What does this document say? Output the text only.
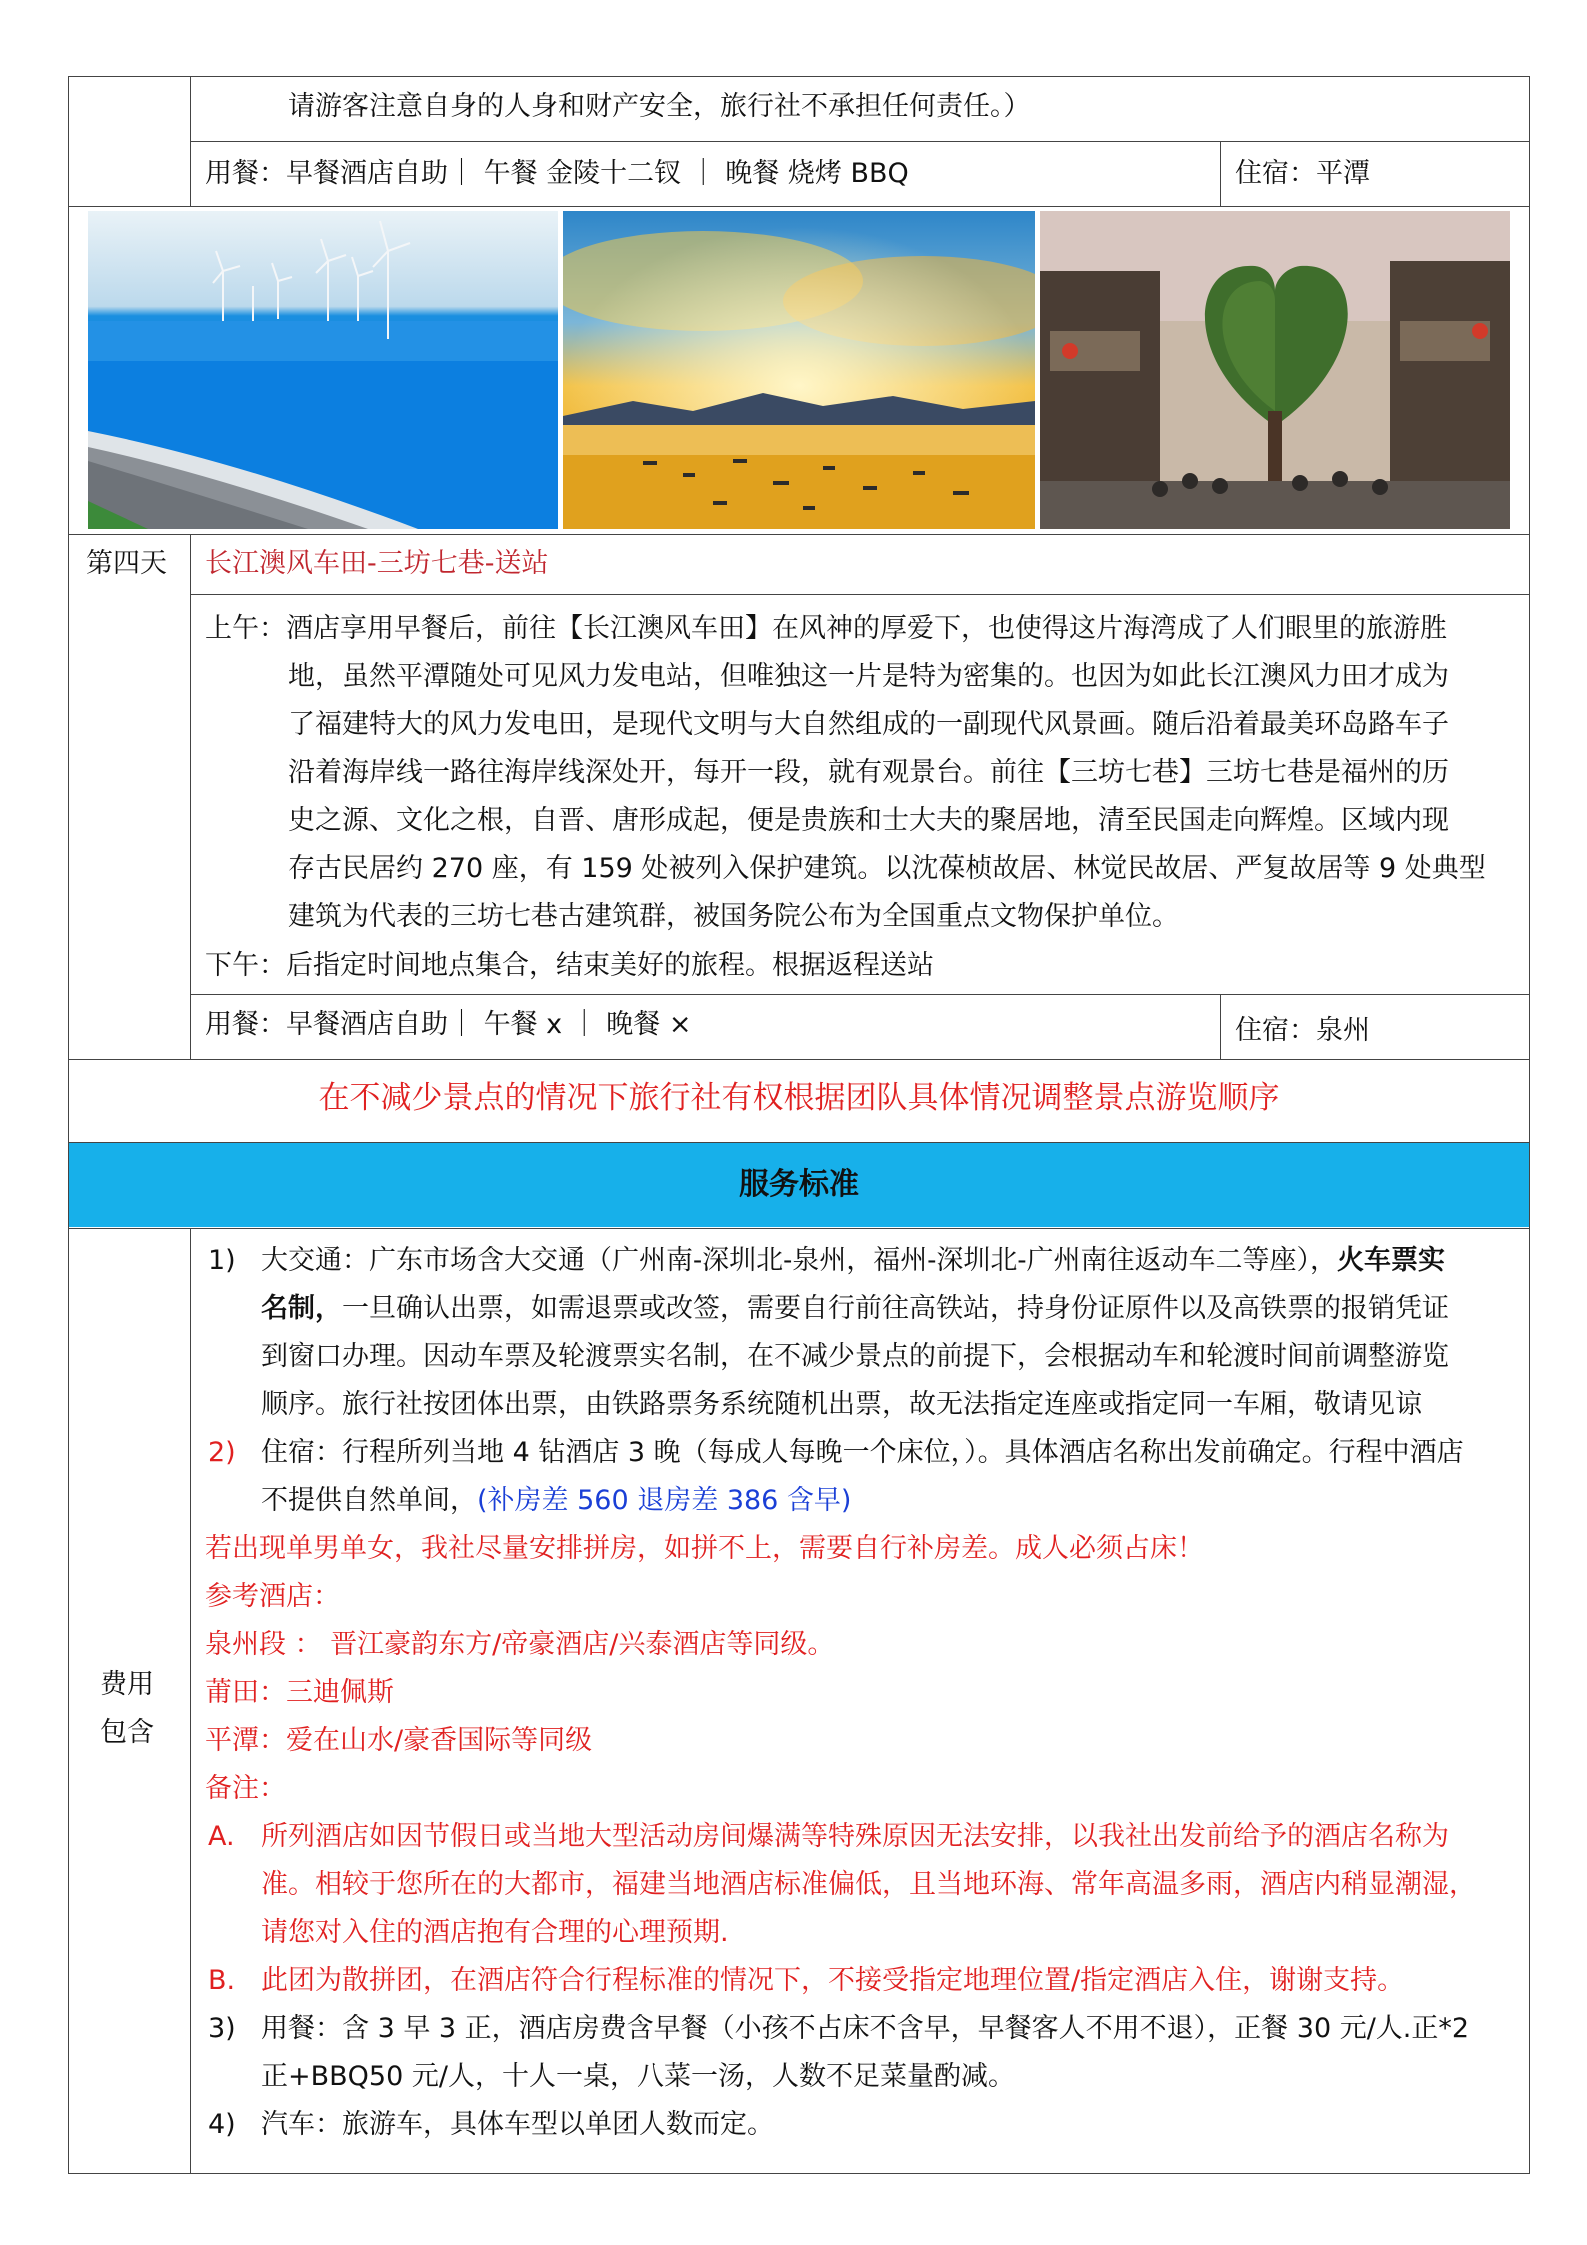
请游客注意自身的人身和财产安全，旅行社不承担任何责任。）
用餐：早餐酒店自助｜ 午餐 金陵十二钗 ｜ 晚餐 烧烤 BBQ	住宿：平潭
第四天 长江澳风车田-三坊七巷-送站
上午：酒店享用早餐后，前往【长江澳风车田】在风神的厚爱下，也使得这片海湾成了人们眼里的旅游胜
地，虽然平潭随处可见风力发电站，但唯独这一片是特为密集的。也因为如此长江澳风力田才成为
了福建特大的风力发电田，是现代文明与大自然组成的一副现代风景画。随后沿着最美环岛路车子
沿着海岸线一路往海岸线深处开，每开一段，就有观景台。前往【三坊七巷】三坊七巷是福州的历
史之源、文化之根，自晋、唐形成起，便是贵族和士大夫的聚居地，清至民国走向辉煌。区域内现
存古民居约 270 座，有 159 处被列入保护建筑。以沈葆桢故居、林觉民故居、严复故居等 9 处典型
建筑为代表的三坊七巷古建筑群，被国务院公布为全国重点文物保护单位。
下午：后指定时间地点集合，结束美好的旅程。根据返程送站
用餐：早餐酒店自助｜ 午餐 x ｜ 晚餐 ×	住宿：泉州
在不减少景点的情况下旅行社有权根据团队具体情况调整景点游览顺序
服务标准
费用
包含
1) 大交通：广东市场含大交通（广州南-深圳北-泉州，福州-深圳北-广州南往返动车二等座），火车票实
名制，一旦确认出票，如需退票或改签，需要自行前往高铁站，持身份证原件以及高铁票的报销凭证
到窗口办理。因动车票及轮渡票实名制，在不减少景点的前提下，会根据动车和轮渡时间前调整游览
顺序。旅行社按团体出票，由铁路票务系统随机出票，故无法指定连座或指定同一车厢，敬请见谅
2) 住宿：行程所列当地 4 钻酒店 3 晚（每成人每晚一个床位，）。具体酒店名称出发前确定。行程中酒店
不提供自然单间，(补房差 560 退房差 386 含早)
若出现单男单女，我社尽量安排拼房，如拼不上，需要自行补房差。成人必须占床！
参考酒店：
泉州段 ： 晋江豪韵东方/帝豪酒店/兴泰酒店等同级。
莆田：三迪佩斯
平潭：爱在山水/豪香国际等同级
备注：
A. 所列酒店如因节假日或当地大型活动房间爆满等特殊原因无法安排，以我社出发前给予的酒店名称为
准。相较于您所在的大都市，福建当地酒店标准偏低，且当地环海、常年高温多雨，酒店内稍显潮湿，
请您对入住的酒店抱有合理的心理预期.
B. 此团为散拼团，在酒店符合行程标准的情况下，不接受指定地理位置/指定酒店入住，谢谢支持。
3) 用餐：含 3 早 3 正，酒店房费含早餐（小孩不占床不含早，早餐客人不用不退），正餐 30 元/人.正*2
正+BBQ50 元/人，十人一桌，八菜一汤，人数不足菜量酌减。
4) 汽车：旅游车，具体车型以单团人数而定。
